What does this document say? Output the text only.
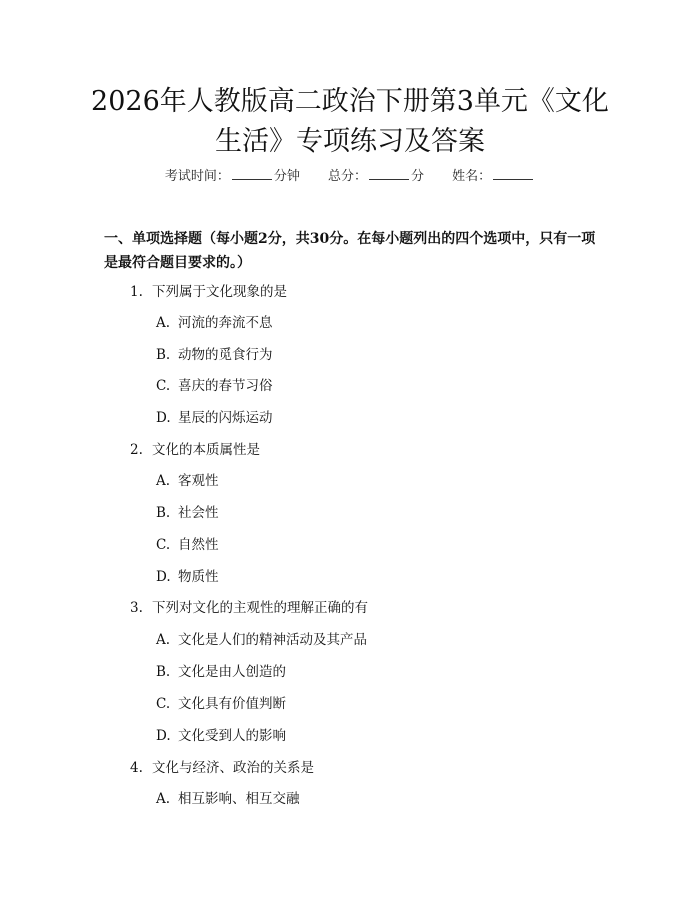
2026年人教版高二政治下册第3单元《文化
生活》专项练习及答案
考试时间：	分钟 总分：	分 姓名：
一、单项选择题（每小题2分，共30分。在每小题列出的四个选项中，只有一项是最符合题目要求的。）
1. 下列属于文化现象的是
A. 河流的奔流不息
B. 动物的觅食行为
C. 喜庆的春节习俗
D. 星辰的闪烁运动
2. 文化的本质属性是
A. 客观性
B. 社会性
C. 自然性
D. 物质性
3. 下列对文化的主观性的理解正确的有
A. 文化是人们的精神活动及其产品
B. 文化是由人创造的
C. 文化具有价值判断
D. 文化受到人的影响
4. 文化与经济、政治的关系是
A. 相互影响、相互交融
